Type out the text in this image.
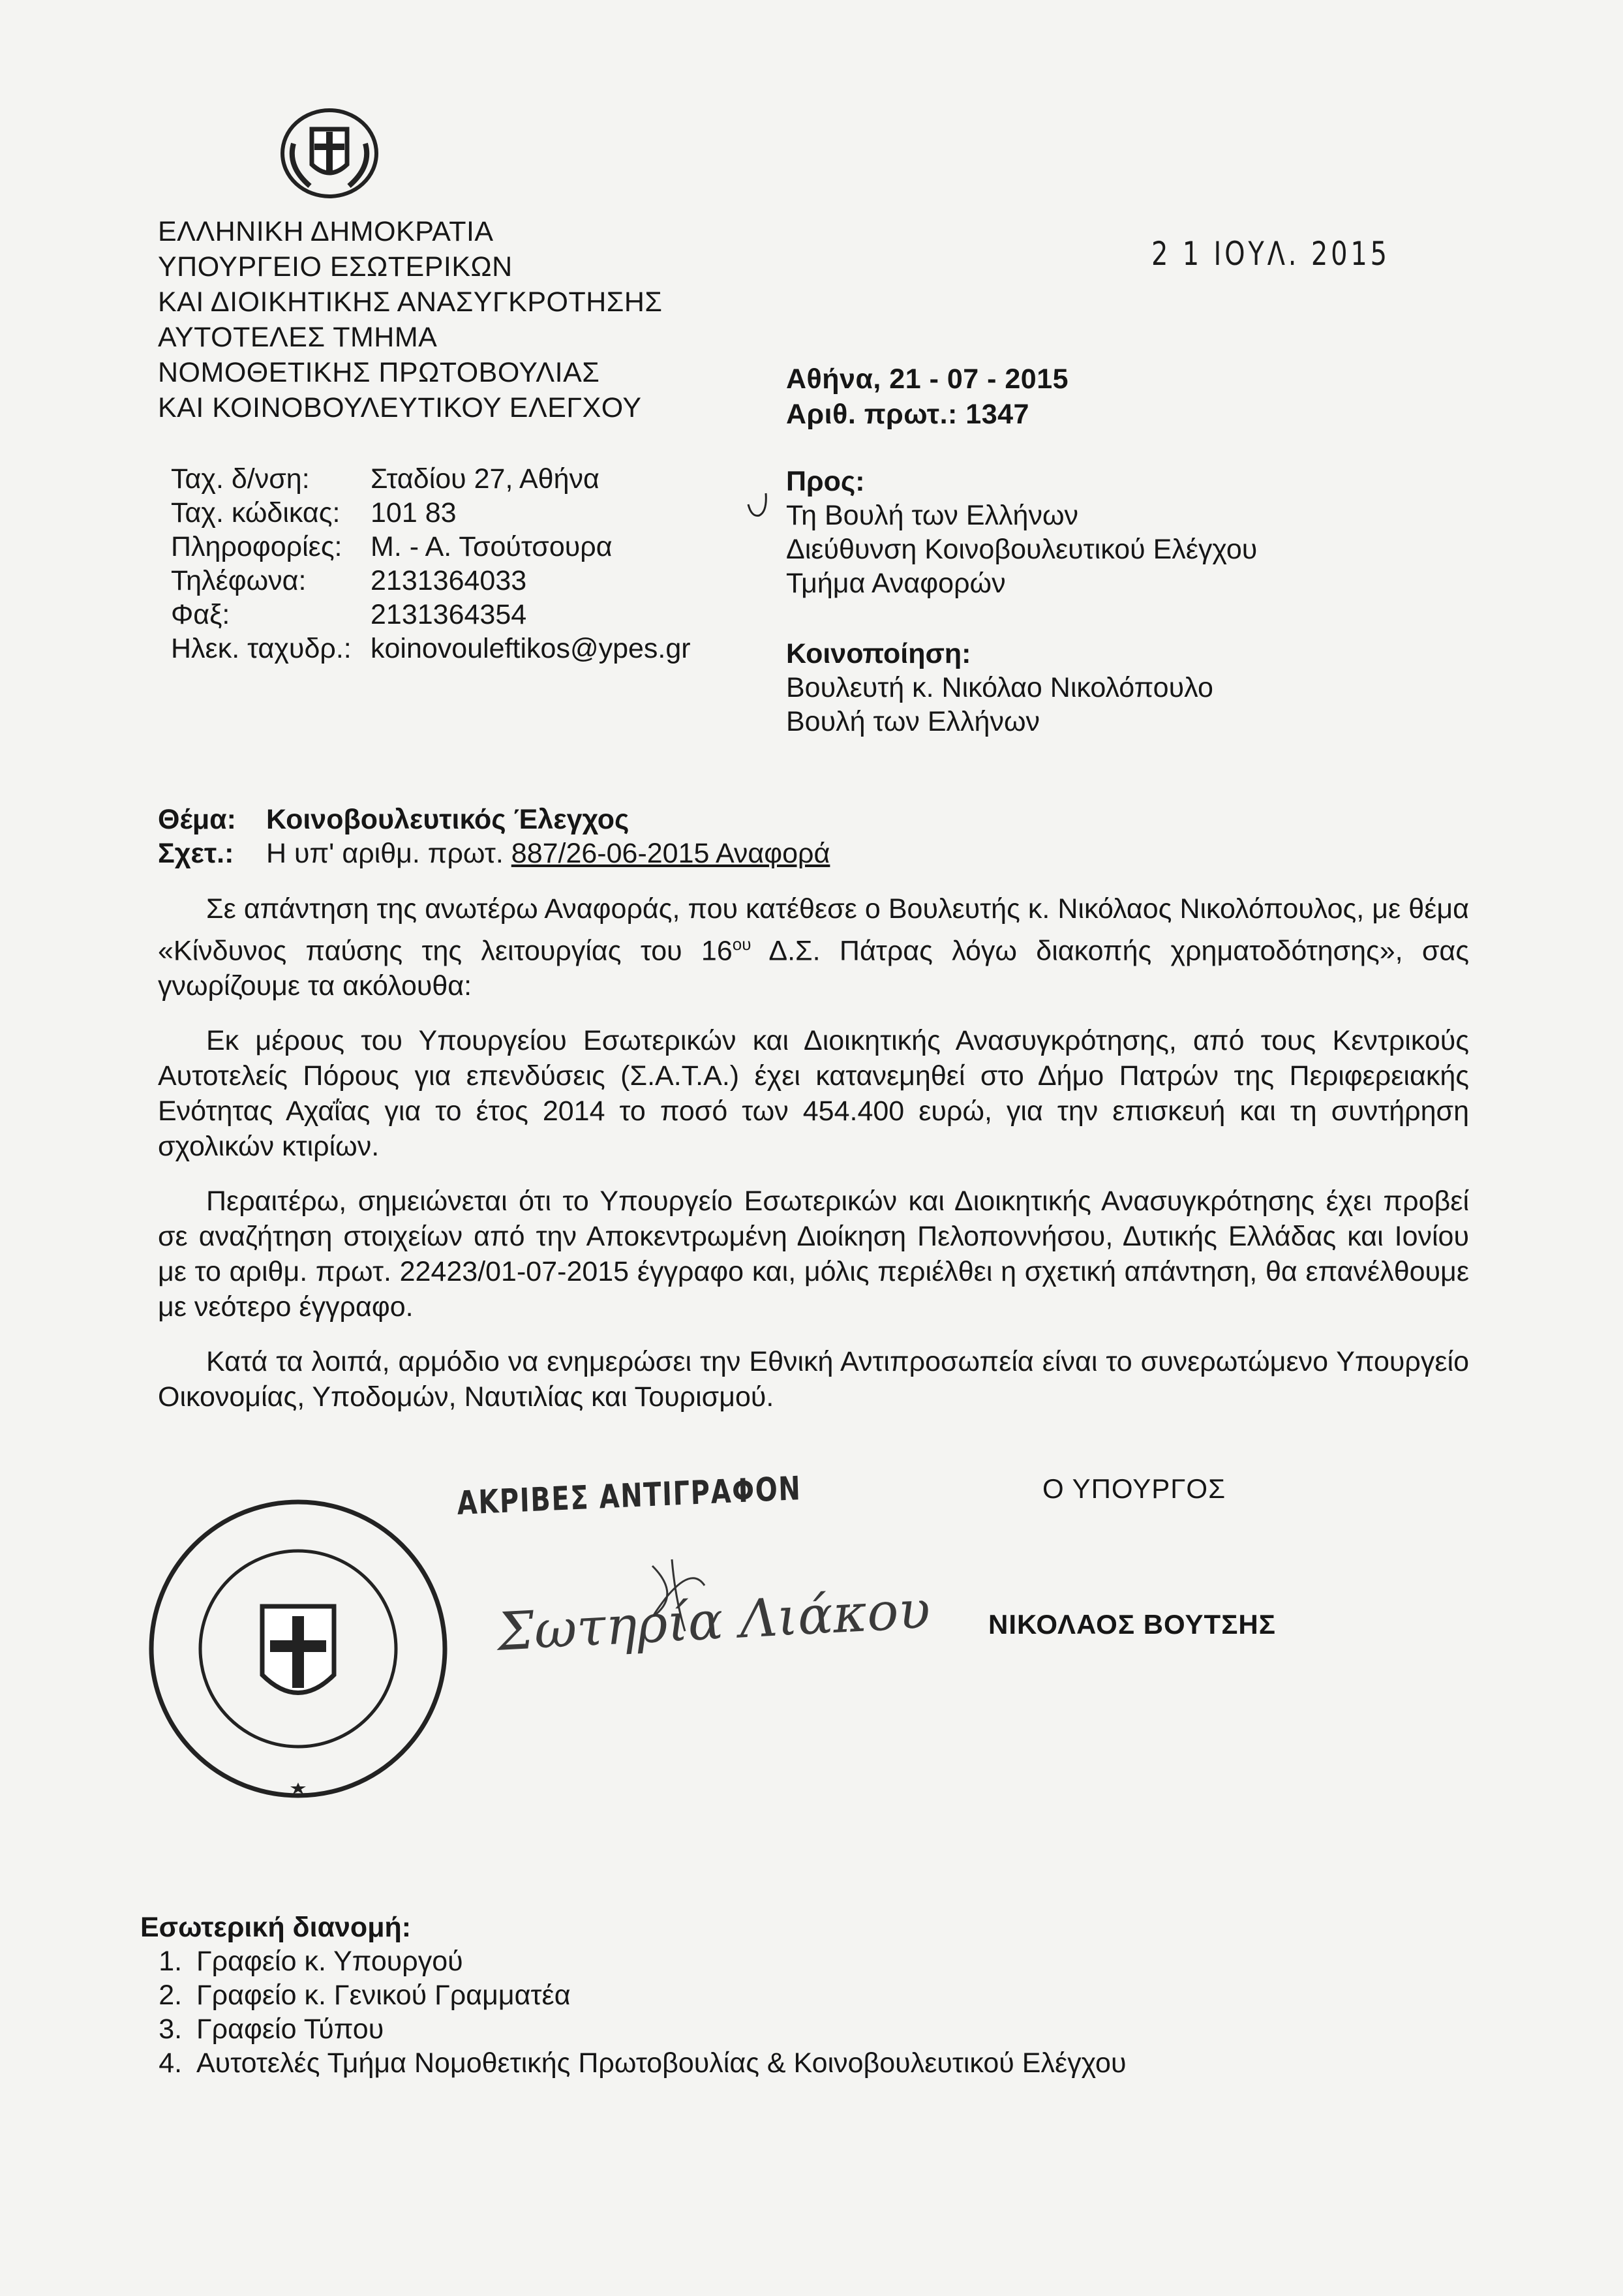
ΕΛΛΗΝΙΚΗ ΔΗΜΟΚΡΑΤΙΑ
ΥΠΟΥΡΓΕΙΟ ΕΣΩΤΕΡΙΚΩΝ
ΚΑΙ ΔΙΟΙΚΗΤΙΚΗΣ ΑΝΑΣΥΓΚΡΟΤΗΣΗΣ
ΑΥΤΟΤΕΛΕΣ ΤΜΗΜΑ
ΝΟΜΟΘΕΤΙΚΗΣ ΠΡΩΤΟΒΟΥΛΙΑΣ
ΚΑΙ ΚΟΙΝΟΒΟΥΛΕΥΤΙΚΟΥ ΕΛΕΓΧΟΥ
2 1 ΙΟΥΛ. 2015
Αθήνα, 21 - 07 - 2015
Αριθ. πρωτ.: 1347
Ταχ. δ/νση: Σταδίου 27, Αθήνα
Ταχ. κώδικας: 101 83
Πληροφορίες: Μ. - Α. Τσούτσουρα
Τηλέφωνα: 2131364033
Φαξ:	2131364354
Ηλεκ. ταχυδρ.: koinovouleftikos@ypes.gr
Προς:
Τη Βουλή των Ελλήνων
Διεύθυνση Κοινοβουλευτικού Ελέγχου
Τμήμα Αναφορών
Κοινοποίηση:
Βουλευτή κ. Νικόλαο Νικολόπουλο
Βουλή των Ελλήνων
Θέμα: Κοινοβουλευτικός Έλεγχος
Σχετ.: Η υπ' αριθμ. πρωτ. 887/26-06-2015 Αναφορά

Σε απάντηση της ανωτέρω Αναφοράς, που κατέθεσε ο Βουλευτής κ. Νικόλαος Νικολόπουλος, με θέμα «Κίνδυνος παύσης της λειτουργίας του $16^{o\upsilon}$ Δ.Σ. Πάτρας λόγω διακοπής χρηματοδότησης», σας γνωρίζουμε τα ακόλουθα:

Εκ μέρους του Υπουργείου Εσωτερικών και Διοικητικής Ανασυγκρότησης, από τους Κεντρικούς Αυτοτελείς Πόρους για επενδύσεις (Σ.Α.Τ.Α.) έχει κατανεμηθεί στο Δήμο Πατρών της Περιφερειακής Ενότητας Αχαΐας για το έτος 2014 το ποσό των 454.400 ευρώ, για την επισκευή και τη συντήρηση σχολικών κτιρίων.

Περαιτέρω, σημειώνεται ότι το Υπουργείο Εσωτερικών και Διοικητικής Ανασυγκρότησης έχει προβεί σε αναζήτηση στοιχείων από την Αποκεντρωμένη Διοίκηση Πελοποννήσου, Δυτικής Ελλάδας και Ιονίου με το αριθμ. πρωτ. 22423/01-07-2015 έγγραφο και, μόλις περιέλθει η σχετική απάντηση, θα επανέλθουμε με νεότερο έγγραφο.

Κατά τα λοιπά, αρμόδιο να ενημερώσει την Εθνική Αντιπροσωπεία είναι το συνερωτώμενο Υπουργείο Οικονομίας, Υποδομών, Ναυτιλίας και Τουρισμού.

ΑΚΡΙΒΕΣ ΑΝΤΙΓΡΑΦΟΝ
Σωτηρία Λιάκου
Ο ΥΠΟΥΡΓΟΣ
ΝΙΚΟΛΑΟΣ ΒΟΥΤΣΗΣ
Εσωτερική διανομή:
1. Γραφείο κ. Υπουργού
2. Γραφείο κ. Γενικού Γραμματέα
3. Γραφείο Τύπου
4. Αυτοτελές Τμήμα Νομοθετικής Πρωτοβουλίας & Κοινοβουλευτικού Ελέγχου
